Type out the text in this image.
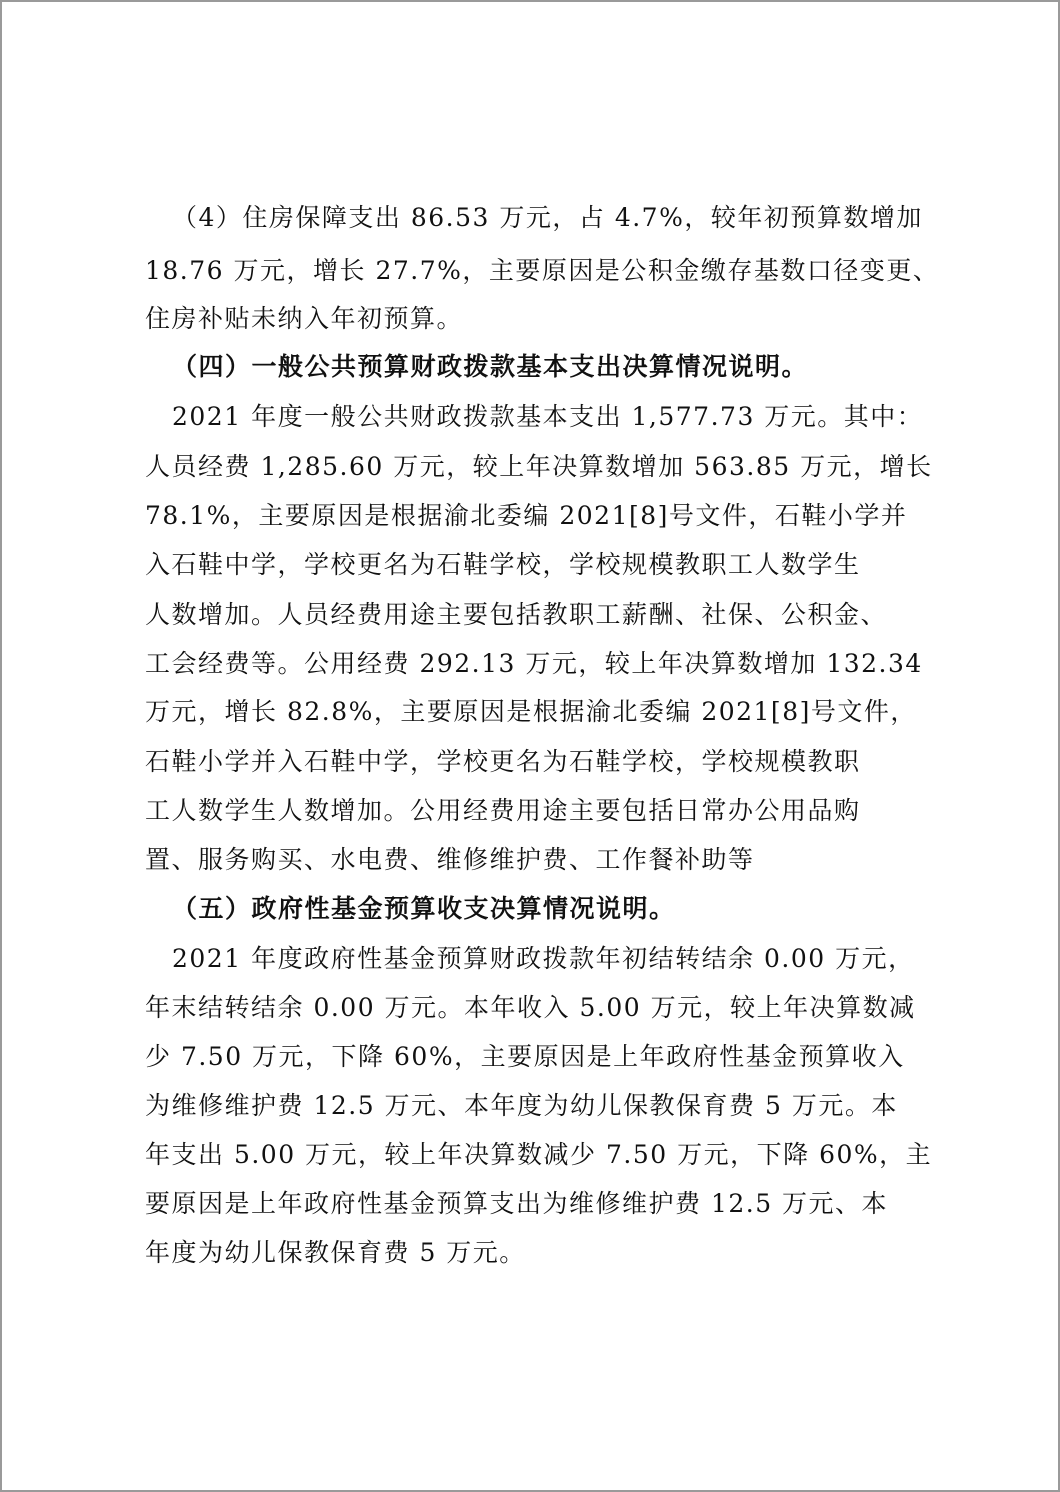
（4）住房保障支出 86.53 万元，占 4.7%，较年初预算数增加

18.76 万元，增长 27.7%，主要原因是公积金缴存基数口径变更、

住房补贴未纳入年初预算。

（四）一般公共预算财政拨款基本支出决算情况说明。

2021 年度一般公共财政拨款基本支出 1,577.73 万元。其中：

人员经费 1,285.60 万元，较上年决算数增加 563.85 万元，增长

78.1%，主要原因是根据渝北委编 2021[8]号文件，石鞋小学并

入石鞋中学，学校更名为石鞋学校，学校规模教职工人数学生

人数增加。人员经费用途主要包括教职工薪酬、社保、公积金、

工会经费等。公用经费 292.13 万元，较上年决算数增加 132.34

万元，增长 82.8%，主要原因是根据渝北委编 2021[8]号文件，

石鞋小学并入石鞋中学，学校更名为石鞋学校，学校规模教职

工人数学生人数增加。公用经费用途主要包括日常办公用品购

置、服务购买、水电费、维修维护费、工作餐补助等

（五）政府性基金预算收支决算情况说明。

2021 年度政府性基金预算财政拨款年初结转结余 0.00 万元，

年末结转结余 0.00 万元。本年收入 5.00 万元，较上年决算数减

少 7.50 万元，下降 60%，主要原因是上年政府性基金预算收入

为维修维护费 12.5 万元、本年度为幼儿保教保育费 5 万元。本

年支出 5.00 万元，较上年决算数减少 7.50 万元，下降 60%，主

要原因是上年政府性基金预算支出为维修维护费 12.5 万元、本

年度为幼儿保教保育费 5 万元。
